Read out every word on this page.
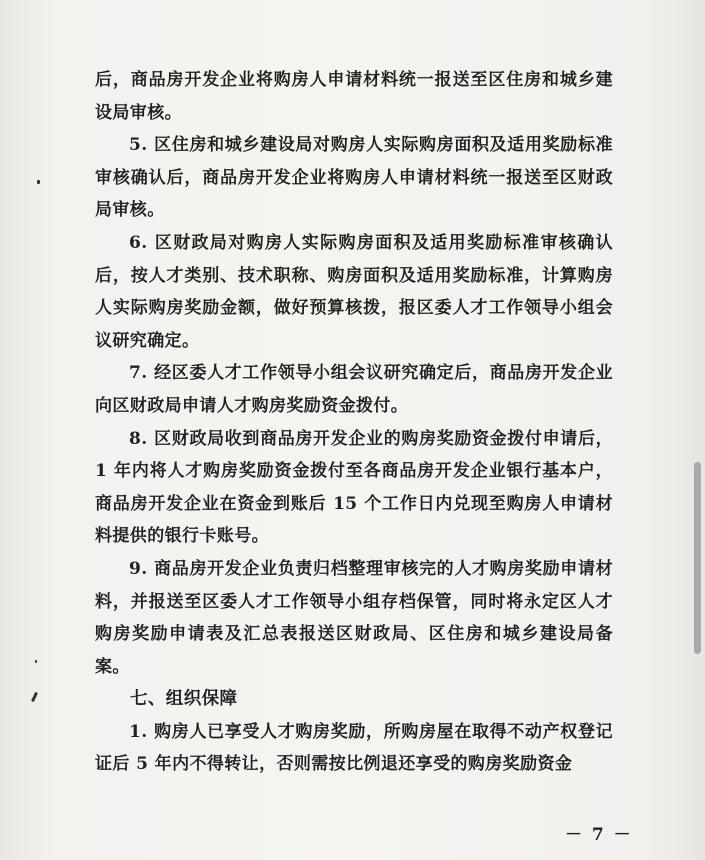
后，商品房开发企业将购房人申请材料统一报送至区住房和城乡建设局审核。

5. 区住房和城乡建设局对购房人实际购房面积及适用奖励标准审核确认后，商品房开发企业将购房人申请材料统一报送至区财政局审核。

6. 区财政局对购房人实际购房面积及适用奖励标准审核确认后，按人才类别、技术职称、购房面积及适用奖励标准，计算购房人实际购房奖励金额，做好预算核拨，报区委人才工作领导小组会议研究确定。

7. 经区委人才工作领导小组会议研究确定后，商品房开发企业向区财政局申请人才购房奖励资金拨付。

8. 区财政局收到商品房开发企业的购房奖励资金拨付申请后，1 年内将人才购房奖励资金拨付至各商品房开发企业银行基本户，商品房开发企业在资金到账后 15 个工作日内兑现至购房人申请材料提供的银行卡账号。

9. 商品房开发企业负责归档整理审核完的人才购房奖励申请材料，并报送至区委人才工作领导小组存档保管，同时将永定区人才购房奖励申请表及汇总表报送区财政局、区住房和城乡建设局备案。

七、组织保障

1. 购房人已享受人才购房奖励，所购房屋在取得不动产权登记证后 5 年内不得转让，否则需按比例退还享受的购房奖励资金

－ 7 －
